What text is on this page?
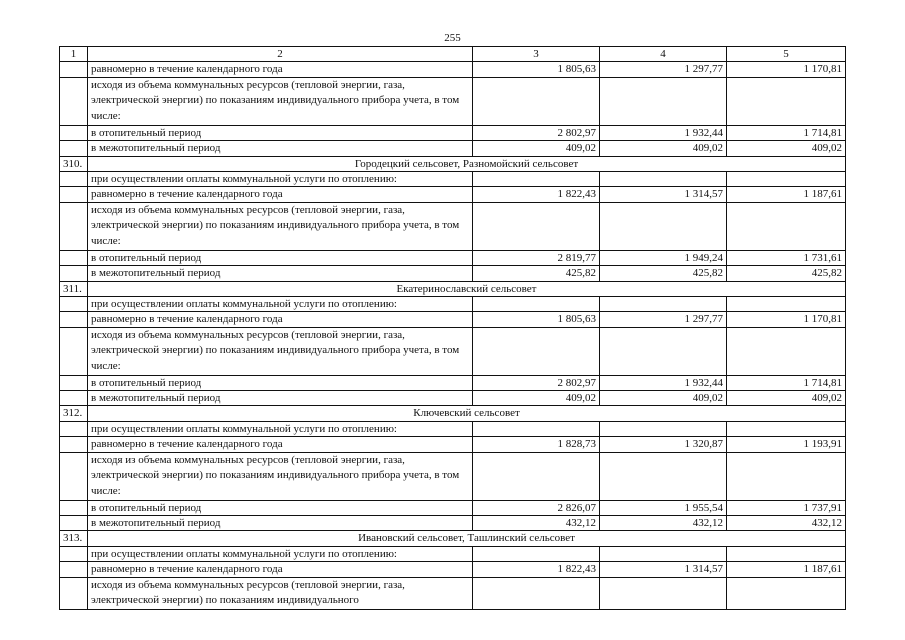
255
1	2	3	4	5
	равномерно в течение календарного года	1 805,63	1 297,77	1 170,81
	исходя из объема коммунальных ресурсов (тепловой энергии, газа, электрической энергии) по показаниям индивидуального прибора учета, в том числе:			
	в отопительный период	2 802,97	1 932,44	1 714,81
	в межотопительный период	409,02	409,02	409,02
310.	Городецкий сельсовет, Разномойский сельсовет			
	при осуществлении оплаты коммунальной услуги по отоплению:			
	равномерно в течение календарного года	1 822,43	1 314,57	1 187,61
	исходя из объема коммунальных ресурсов (тепловой энергии, газа, электрической энергии) по показаниям индивидуального прибора учета, в том числе:			
	в отопительный период	2 819,77	1 949,24	1 731,61
	в межотопительный период	425,82	425,82	425,82
311.	Екатеринославский сельсовет			
	при осуществлении оплаты коммунальной услуги по отоплению:			
	равномерно в течение календарного года	1 805,63	1 297,77	1 170,81
	исходя из объема коммунальных ресурсов (тепловой энергии, газа, электрической энергии) по показаниям индивидуального прибора учета, в том числе:			
	в отопительный период	2 802,97	1 932,44	1 714,81
	в межотопительный период	409,02	409,02	409,02
312.	Ключевский сельсовет			
	при осуществлении оплаты коммунальной услуги по отоплению:			
	равномерно в течение календарного года	1 828,73	1 320,87	1 193,91
	исходя из объема коммунальных ресурсов (тепловой энергии, газа, электрической энергии) по показаниям индивидуального прибора учета, в том числе:			
	в отопительный период	2 826,07	1 955,54	1 737,91
	в межотопительный период	432,12	432,12	432,12
313.	Ивановский сельсовет, Ташлинский сельсовет			
	при осуществлении оплаты коммунальной услуги по отоплению:			
	равномерно в течение календарного года	1 822,43	1 314,57	1 187,61
	исходя из объема коммунальных ресурсов (тепловой энергии, газа, электрической энергии) по показаниям индивидуального			
